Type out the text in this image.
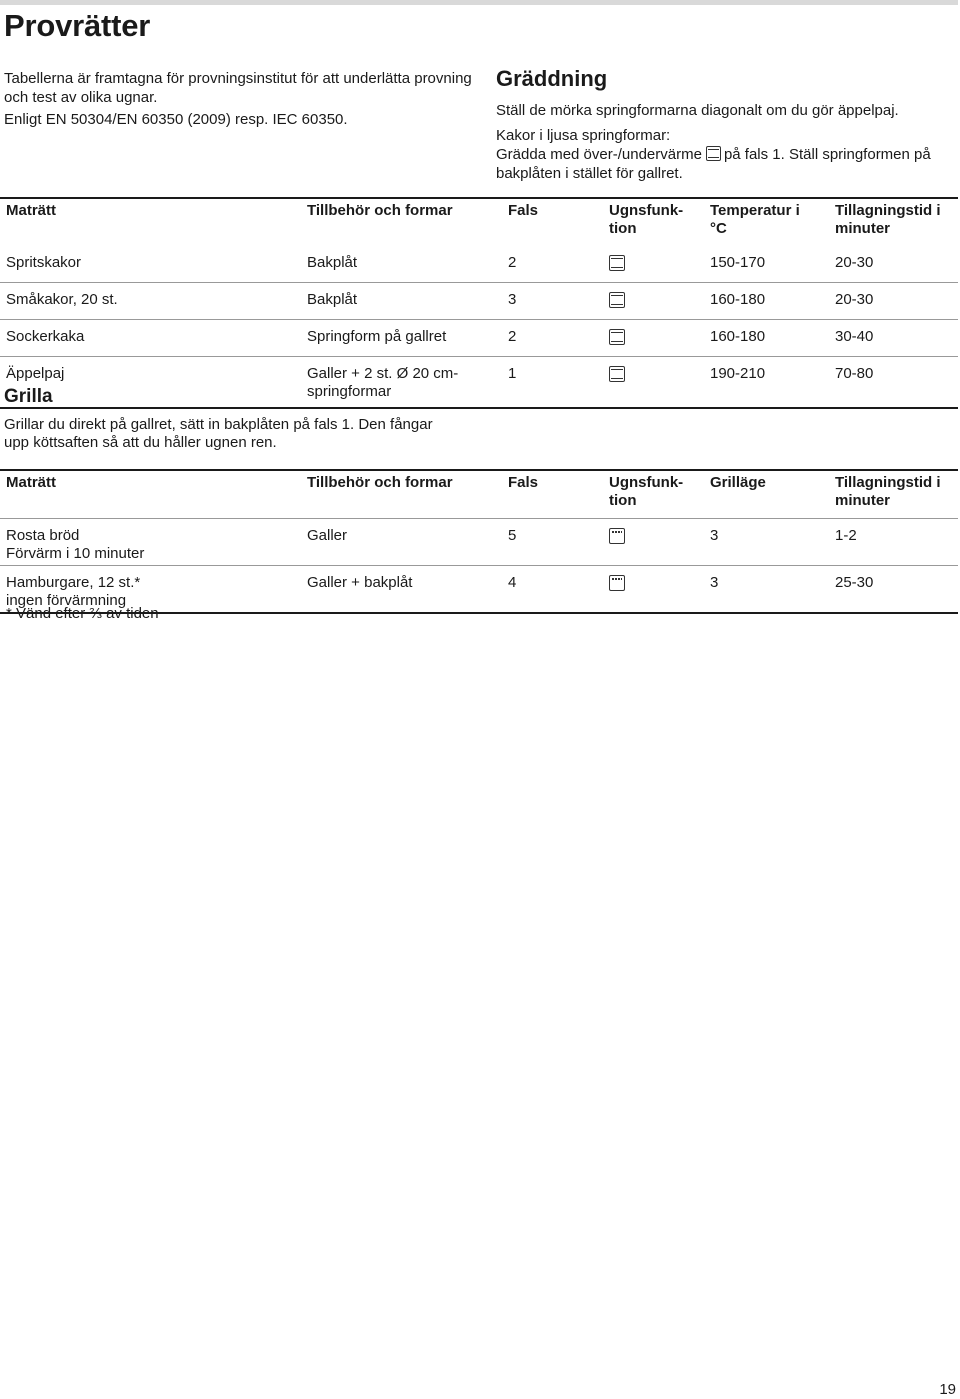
Provrätter

Tabellerna är framtagna för provningsinstitut för att underlätta provning och test av olika ugnar.

Enligt EN 50304/EN 60350 (2009) resp. IEC 60350.

Gräddning

Ställ de mörka springformarna diagonalt om du gör äppelpaj.

Kakor i ljusa springformar:
Grädda med över-/undervärme på fals 1. Ställ springformen på bakplåten i stället för gallret.

Maträtt	Tillbehör och formar	Fals	Ugnsfunk- tion	Temperatur i °C	Tillagningstid i minuter
Spritskakor	Bakplåt	2		150-170	20-30
Småkakor, 20 st.	Bakplåt	3		160-180	20-30
Sockerkaka	Springform på gallret	2		160-180	30-40
Äppelpaj	Galler + 2 st. Ø 20 cm- springformar	1		190-210	70-80
Grilla

Grillar du direkt på gallret, sätt in bakplåten på fals 1. Den fångar upp köttsaften så att du håller ugnen ren.

Maträtt	Tillbehör och formar	Fals	Ugnsfunk- tion	Grilläge	Tillagningstid i minuter
Rosta bröd
Förvärm i 10 minuter	Galler	5		3	1-2
Hamburgare, 12 st.*
ingen förvärmning	Galler + bakplåt	4		3	25-30
* Vänd efter ⅔ av tiden
19
